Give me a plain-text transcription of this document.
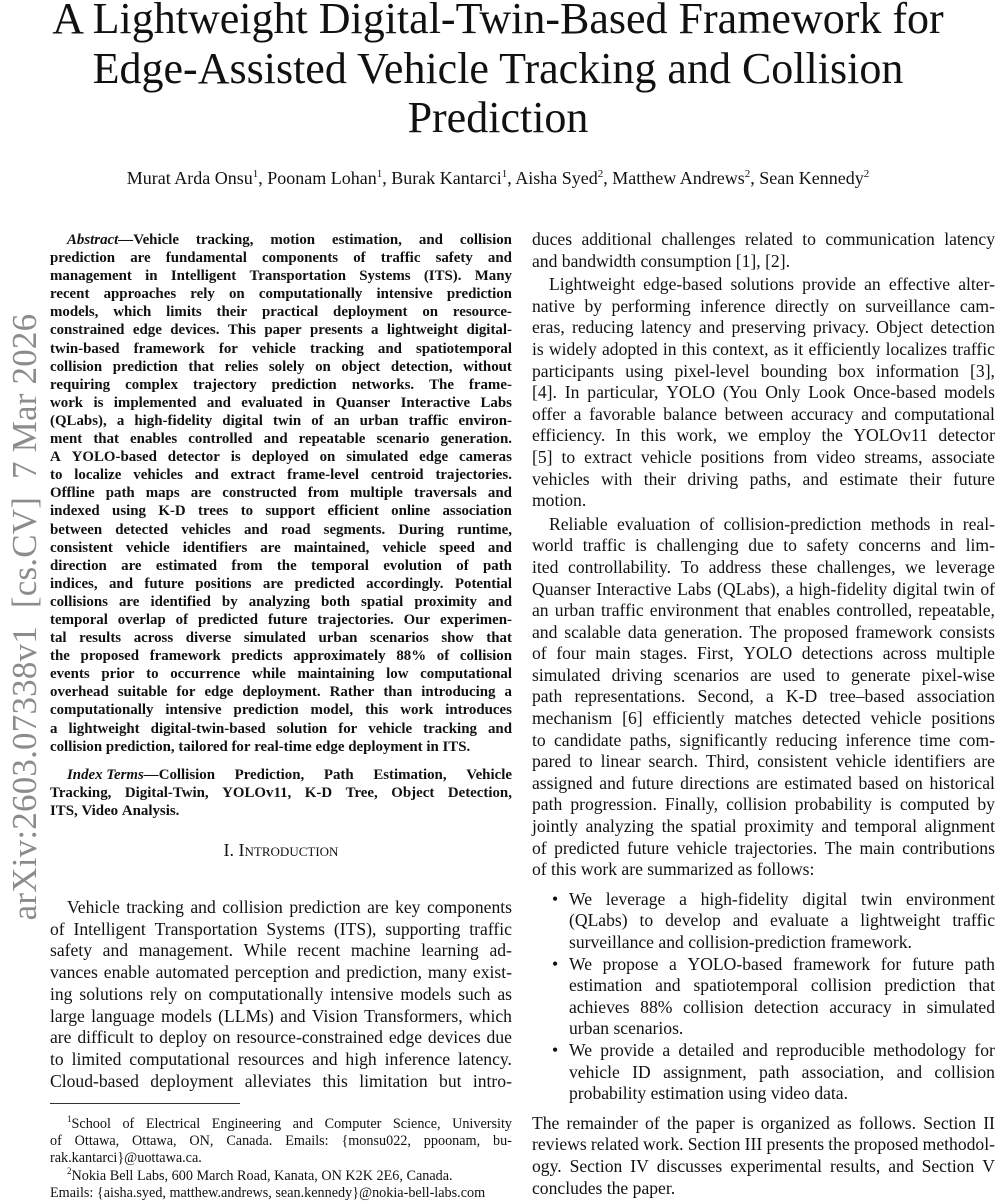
arXiv:2603.07338v1  [cs.CV]  7 Mar 2026
A Lightweight Digital-Twin-Based Framework for
Edge-Assisted Vehicle Tracking and Collision
Prediction
Murat Arda Onsu$^1$, Poonam Lohan$^1$, Burak Kantarci$^1$, Aisha Syed$^2$, Matthew Andrews$^2$, Sean Kennedy$^2$
Abstract—Vehicle tracking, motion estimation, and collision
prediction are fundamental components of traffic safety and
management in Intelligent Transportation Systems (ITS). Many
recent approaches rely on computationally intensive prediction
models, which limits their practical deployment on resource-
constrained edge devices. This paper presents a lightweight digital-
twin-based framework for vehicle tracking and spatiotemporal
collision prediction that relies solely on object detection, without
requiring complex trajectory prediction networks. The frame-
work is implemented and evaluated in Quanser Interactive Labs
(QLabs), a high-fidelity digital twin of an urban traffic environ-
ment that enables controlled and repeatable scenario generation.
A YOLO-based detector is deployed on simulated edge cameras
to localize vehicles and extract frame-level centroid trajectories.
Offline path maps are constructed from multiple traversals and
indexed using K-D trees to support efficient online association
between detected vehicles and road segments. During runtime,
consistent vehicle identifiers are maintained, vehicle speed and
direction are estimated from the temporal evolution of path
indices, and future positions are predicted accordingly. Potential
collisions are identified by analyzing both spatial proximity and
temporal overlap of predicted future trajectories. Our experimen-
tal results across diverse simulated urban scenarios show that
the proposed framework predicts approximately 88% of collision
events prior to occurrence while maintaining low computational
overhead suitable for edge deployment. Rather than introducing a
computationally intensive prediction model, this work introduces
a lightweight digital-twin-based solution for vehicle tracking and
collision prediction, tailored for real-time edge deployment in ITS.
Index Terms—Collision Prediction, Path Estimation, Vehicle
Tracking, Digital-Twin, YOLOv11, K-D Tree, Object Detection,
ITS, Video Analysis.
I. Introduction
Vehicle tracking and collision prediction are key components
of Intelligent Transportation Systems (ITS), supporting traffic
safety and management. While recent machine learning ad-
vances enable automated perception and prediction, many exist-
ing solutions rely on computationally intensive models such as
large language models (LLMs) and Vision Transformers, which
are difficult to deploy on resource-constrained edge devices due
to limited computational resources and high inference latency.
Cloud-based deployment alleviates this limitation but intro-
$^1$School of Electrical Engineering and Computer Science, University
of Ottawa, Ottawa, ON, Canada. Emails: {monsu022, ppoonam, bu-
rak.kantarci}@uottawa.ca.
$^2$Nokia Bell Labs, 600 March Road, Kanata, ON K2K 2E6, Canada.
Emails: {aisha.syed, matthew.andrews, sean.kennedy}@nokia-bell-labs.com
duces additional challenges related to communication latency
and bandwidth consumption [1], [2].
Lightweight edge-based solutions provide an effective alter-
native by performing inference directly on surveillance cam-
eras, reducing latency and preserving privacy. Object detection
is widely adopted in this context, as it efficiently localizes traffic
participants using pixel-level bounding box information [3],
[4]. In particular, YOLO (You Only Look Once-based models
offer a favorable balance between accuracy and computational
efficiency. In this work, we employ the YOLOv11 detector
[5] to extract vehicle positions from video streams, associate
vehicles with their driving paths, and estimate their future
motion.
Reliable evaluation of collision-prediction methods in real-
world traffic is challenging due to safety concerns and lim-
ited controllability. To address these challenges, we leverage
Quanser Interactive Labs (QLabs), a high-fidelity digital twin of
an urban traffic environment that enables controlled, repeatable,
and scalable data generation. The proposed framework consists
of four main stages. First, YOLO detections across multiple
simulated driving scenarios are used to generate pixel-wise
path representations. Second, a K-D tree–based association
mechanism [6] efficiently matches detected vehicle positions
to candidate paths, significantly reducing inference time com-
pared to linear search. Third, consistent vehicle identifiers are
assigned and future directions are estimated based on historical
path progression. Finally, collision probability is computed by
jointly analyzing the spatial proximity and temporal alignment
of predicted future vehicle trajectories. The main contributions
of this work are summarized as follows:
• We leverage a high-fidelity digital twin environment
(QLabs) to develop and evaluate a lightweight traffic
surveillance and collision-prediction framework.
• We propose a YOLO-based framework for future path
estimation and spatiotemporal collision prediction that
achieves 88% collision detection accuracy in simulated
urban scenarios.
• We provide a detailed and reproducible methodology for
vehicle ID assignment, path association, and collision
probability estimation using video data.
The remainder of the paper is organized as follows. Section II
reviews related work. Section III presents the proposed methodol-
ogy. Section IV discusses experimental results, and Section V
concludes the paper.
